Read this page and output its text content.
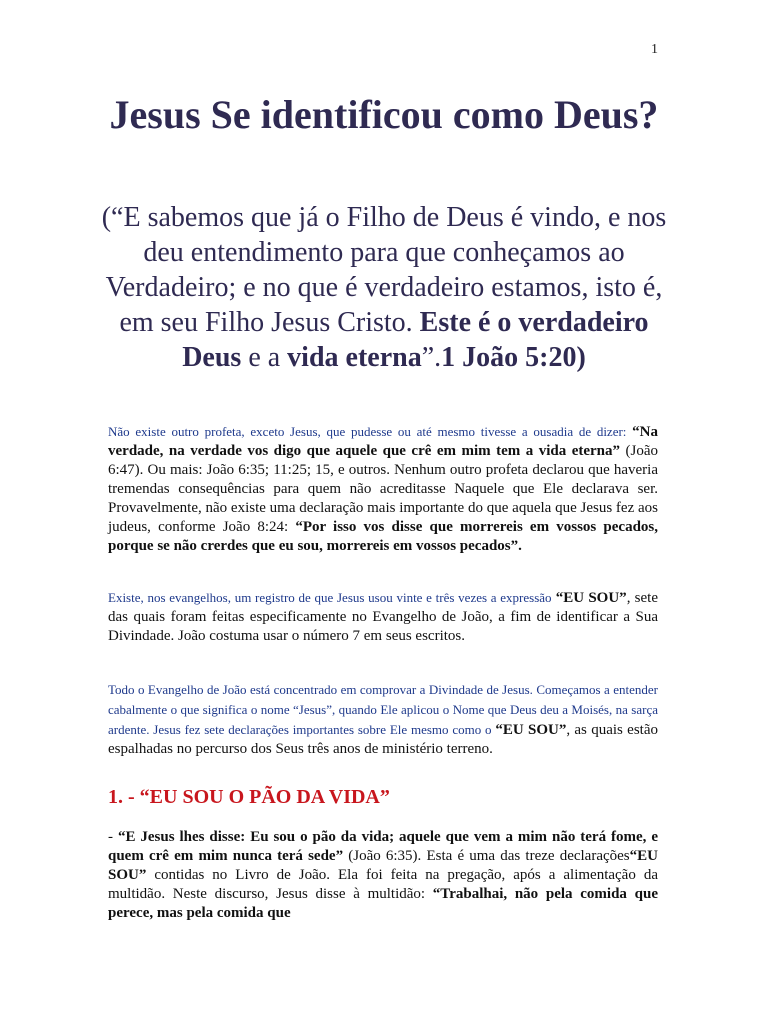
1
Jesus Se identificou como Deus?

(“E sabemos que já o Filho de Deus é vindo, e nos deu entendimento para que conheçamos ao Verdadeiro; e no que é verdadeiro estamos, isto é, em seu Filho Jesus Cristo. Este é o verdadeiro Deus e a vida eterna”.1 João 5:20)

Não existe outro profeta, exceto Jesus, que pudesse ou até mesmo tivesse a ousadia de dizer: “Na verdade, na verdade vos digo que aquele que crê em mim tem a vida eterna” (João 6:47). Ou mais: João 6:35; 11:25; 15, e outros. Nenhum outro profeta declarou que haveria tremendas consequências para quem não acreditasse Naquele que Ele declarava ser. Provavelmente, não existe uma declaração mais importante do que aquela que Jesus fez aos judeus, conforme João 8:24: “Por isso vos disse que morrereis em vossos pecados, porque se não crerdes que eu sou, morrereis em vossos pecados”.

Existe, nos evangelhos, um registro de que Jesus usou vinte e três vezes a expressão “EU SOU”, sete das quais foram feitas especificamente no Evangelho de João, a fim de identificar a Sua Divindade. João costuma usar o número 7 em seus escritos.

Todo o Evangelho de João está concentrado em comprovar a Divindade de Jesus. Começamos a entender cabalmente o que significa o nome “Jesus”, quando Ele aplicou o Nome que Deus deu a Moisés, na sarça ardente. Jesus fez sete declarações importantes sobre Ele mesmo como o “EU SOU”, as quais estão espalhadas no percurso dos Seus três anos de ministério terreno.

1. - “EU SOU O PÃO DA VIDA”

- “E Jesus lhes disse: Eu sou o pão da vida; aquele que vem a mim não terá fome, e quem crê em mim nunca terá sede” (João 6:35). Esta é uma das treze declarações“EU SOU” contidas no Livro de João. Ela foi feita na pregação, após a alimentação da multidão. Neste discurso, Jesus disse à multidão: “Trabalhai, não pela comida que perece, mas pela comida que
